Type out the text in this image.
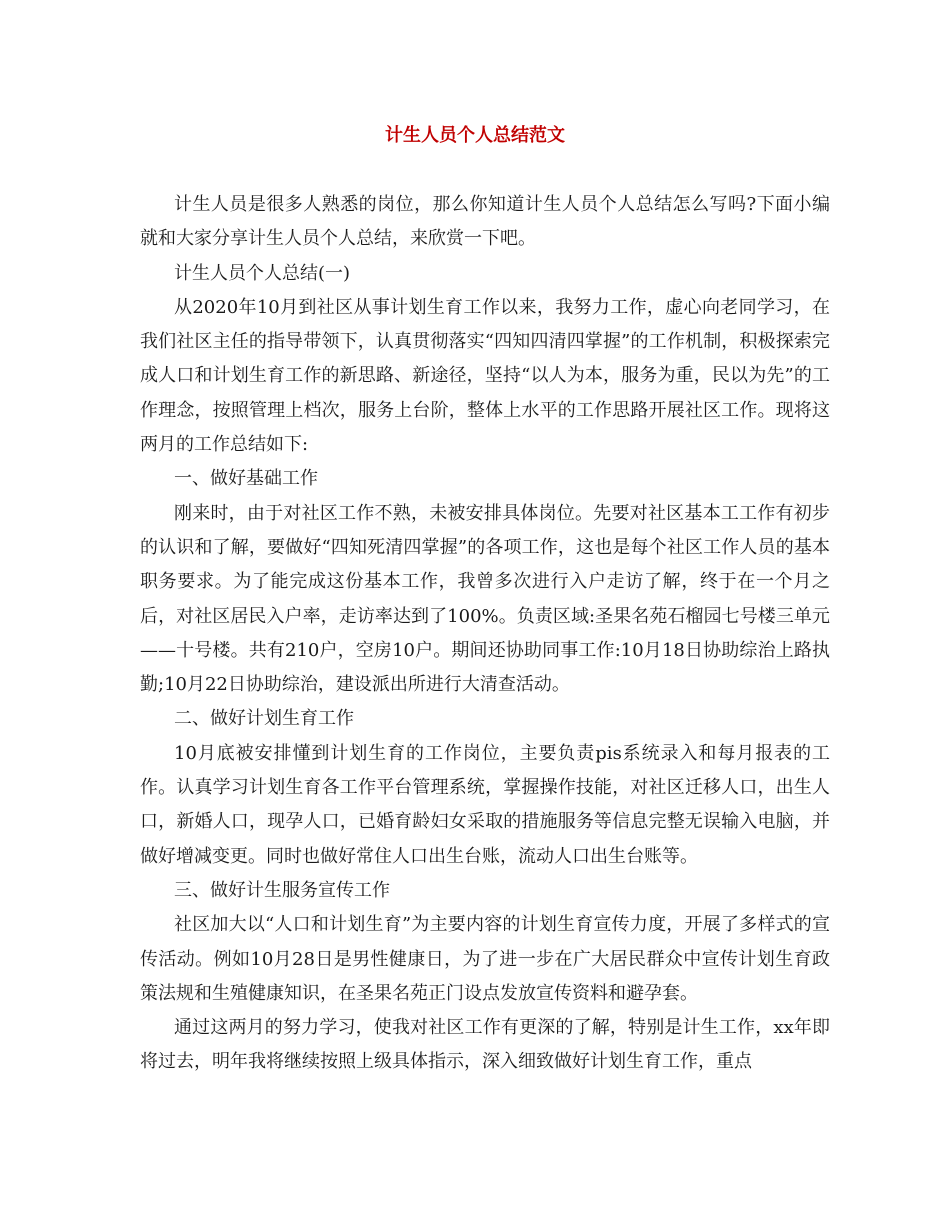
计生人员个人总结范文

计生人员是很多人熟悉的岗位，那么你知道计生人员个人总结怎么写吗?下面小编就和大家分享计生人员个人总结，来欣赏一下吧。

计生人员个人总结(一)

从2020年10月到社区从事计划生育工作以来，我努力工作，虚心向老同学习，在我们社区主任的指导带领下，认真贯彻落实“四知四清四掌握”的工作机制，积极探索完成人口和计划生育工作的新思路、新途径，坚持“以人为本，服务为重，民以为先”的工作理念，按照管理上档次，服务上台阶，整体上水平的工作思路开展社区工作。现将这两月的工作总结如下:

一、做好基础工作

刚来时，由于对社区工作不熟，未被安排具体岗位。先要对社区基本工工作有初步的认识和了解，要做好“四知死清四掌握”的各项工作，这也是每个社区工作人员的基本职务要求。为了能完成这份基本工作，我曾多次进行入户走访了解，终于在一个月之后，对社区居民入户率，走访率达到了100%。负责区域:圣果名苑石榴园七号楼三单元——十号楼。共有210户，空房10户。期间还协助同事工作:10月18日协助综治上路执勤;10月22日协助综治，建设派出所进行大清查活动。

二、做好计划生育工作

10月底被安排懂到计划生育的工作岗位，主要负责pis系统录入和每月报表的工作。认真学习计划生育各工作平台管理系统，掌握操作技能，对社区迁移人口，出生人口，新婚人口，现孕人口，已婚育龄妇女采取的措施服务等信息完整无误输入电脑，并做好增减变更。同时也做好常住人口出生台账，流动人口出生台账等。

三、做好计生服务宣传工作

社区加大以“人口和计划生育”为主要内容的计划生育宣传力度，开展了多样式的宣传活动。例如10月28日是男性健康日，为了进一步在广大居民群众中宣传计划生育政策法规和生殖健康知识，在圣果名苑正门设点发放宣传资料和避孕套。

通过这两月的努力学习，使我对社区工作有更深的了解，特别是计生工作，xx年即将过去，明年我将继续按照上级具体指示，深入细致做好计划生育工作，重点
